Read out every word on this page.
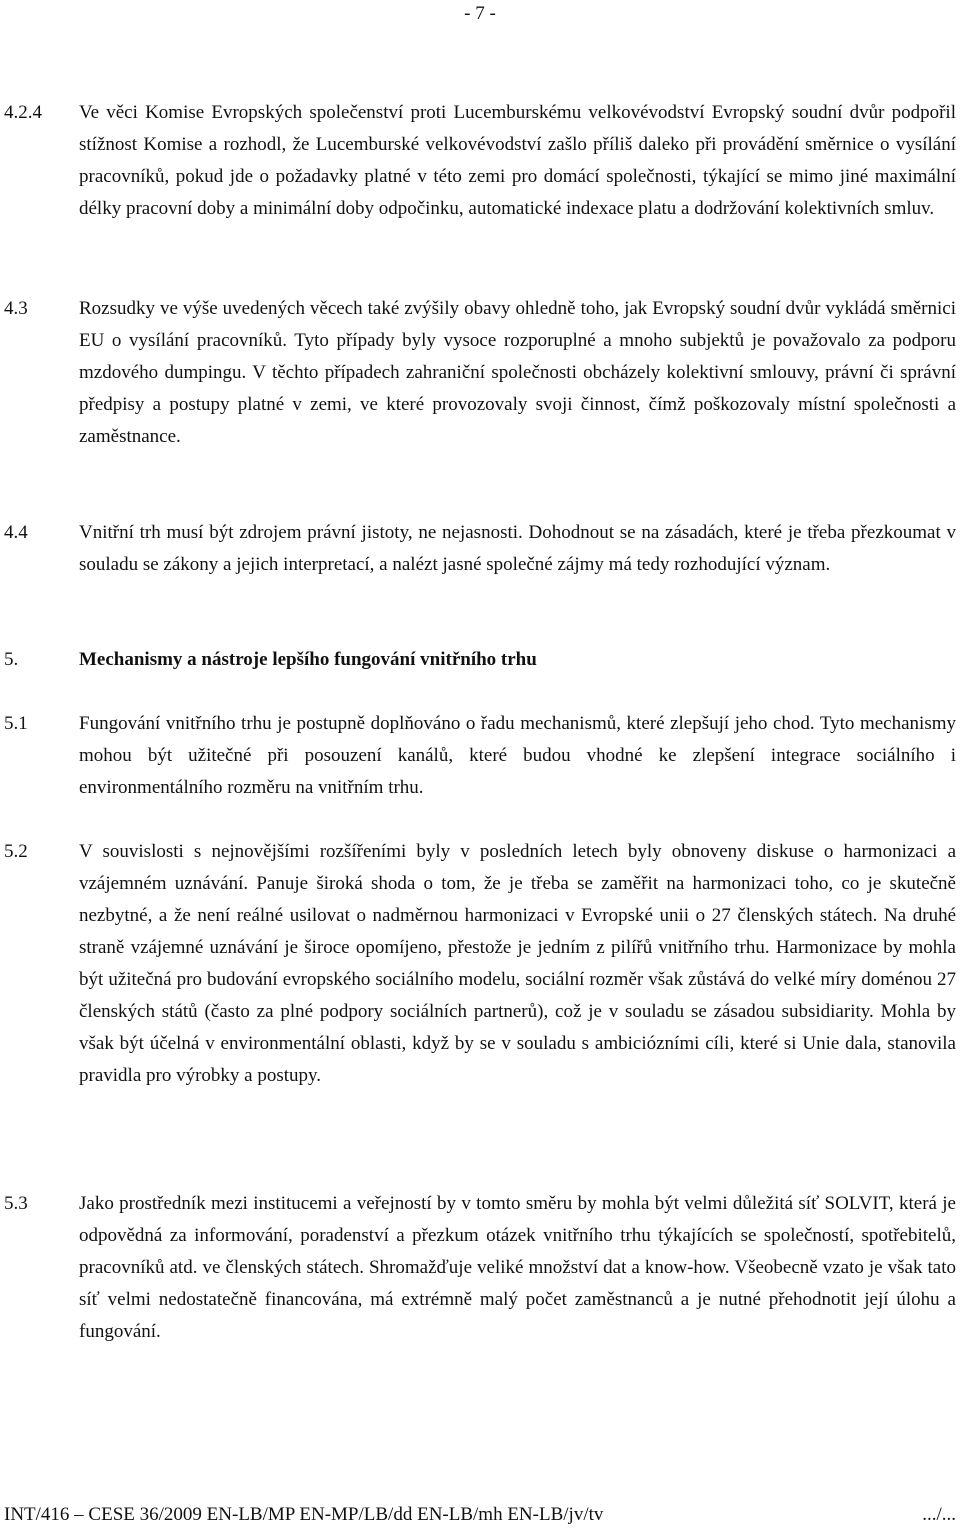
- 7 -
4.2.4 Ve věci Komise Evropských společenství proti Lucemburskému velkovévodství Evropský soudní dvůr podpořil stížnost Komise a rozhodl, že Lucemburské velkovévodství zašlo příliš daleko při provádění směrnice o vysílání pracovníků, pokud jde o požadavky platné v této zemi pro domácí společnosti, týkající se mimo jiné maximální délky pracovní doby a minimální doby odpočinku, automatické indexace platu a dodržování kolektivních smluv.
4.3	Rozsudky ve výše uvedených věcech také zvýšily obavy ohledně toho, jak Evropský soudní dvůr vykládá směrnici EU o vysílání pracovníků. Tyto případy byly vysoce rozporuplné a mnoho subjektů je považovalo za podporu mzdového dumpingu. V těchto případech zahraniční společnosti obcházely kolektivní smlouvy, právní či správní předpisy a postupy platné v zemi, ve které provozovaly svoji činnost, čímž poškozovaly místní společnosti a zaměstnance.
4.4	Vnitřní trh musí být zdrojem právní jistoty, ne nejasnosti. Dohodnout se na zásadách, které je třeba přezkoumat v souladu se zákony a jejich interpretací, a nalézt jasné společné zájmy má tedy rozhodující význam.
5.	Mechanismy a nástroje lepšího fungování vnitřního trhu
5.1	Fungování vnitřního trhu je postupně doplňováno o řadu mechanismů, které zlepšují jeho chod. Tyto mechanismy mohou být užitečné při posouzení kanálů, které budou vhodné ke zlepšení integrace sociálního i environmentálního rozměru na vnitřním trhu.
5.2	V souvislosti s nejnovějšími rozšířeními byly v posledních letech byly obnoveny diskuse o harmonizaci a vzájemném uznávání. Panuje široká shoda o tom, že je třeba se zaměřit na harmonizaci toho, co je skutečně nezbytné, a že není reálné usilovat o nadměrnou harmonizaci v Evropské unii o 27 členských státech. Na druhé straně vzájemné uznávání je široce opomíjeno, přestože je jedním z pilířů vnitřního trhu. Harmonizace by mohla být užitečná pro budování evropského sociálního modelu, sociální rozměr však zůstává do velké míry doménou 27 členských států (často za plné podpory sociálních partnerů), což je v souladu se zásadou subsidiarity. Mohla by však být účelná v environmentální oblasti, když by se v souladu s ambiciózními cíli, které si Unie dala, stanovila pravidla pro výrobky a postupy.
5.3	Jako prostředník mezi institucemi a veřejností by v tomto směru by mohla být velmi důležitá síť SOLVIT, která je odpovědná za informování, poradenství a přezkum otázek vnitřního trhu týkajících se společností, spotřebitelů, pracovníků atd. ve členských státech. Shromažďuje veliké množství dat a know-how. Všeobecně vzato je však tato síť velmi nedostatečně financována, má extrémně malý počet zaměstnanců a je nutné přehodnotit její úlohu a fungování.
INT/416 – CESE 36/2009 EN-LB/MP EN-MP/LB/dd EN-LB/mh EN-LB/jv/tv	.../...
